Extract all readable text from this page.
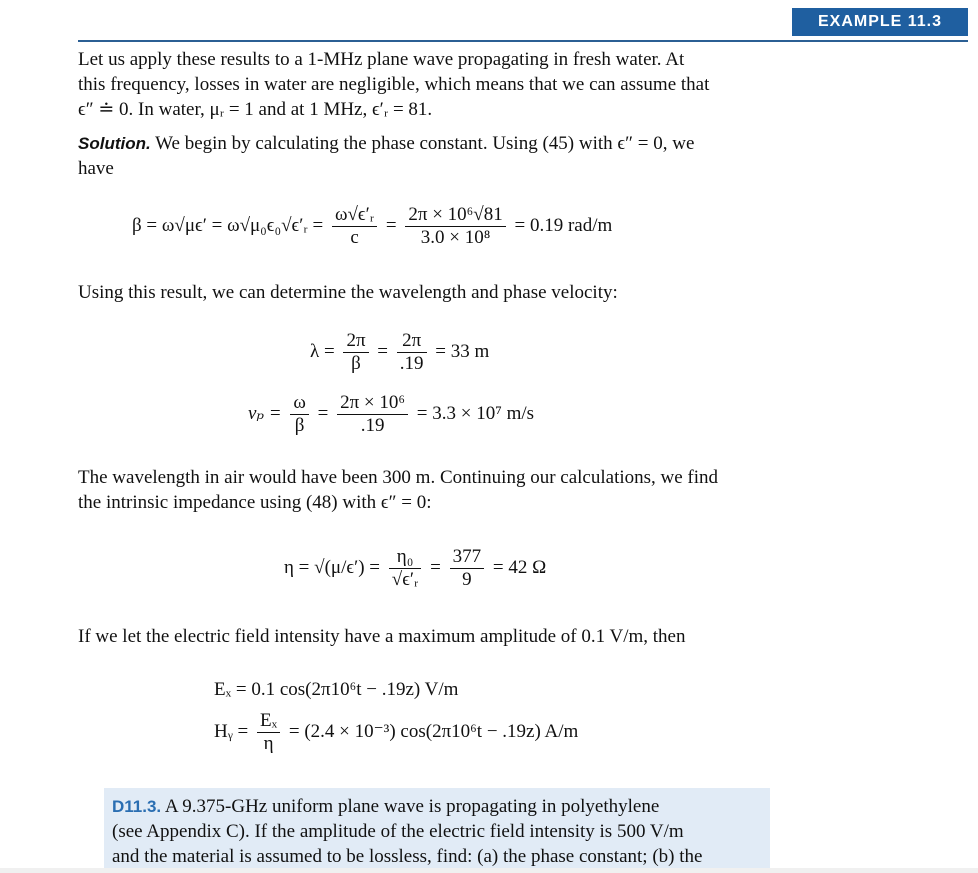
EXAMPLE 11.3
Let us apply these results to a 1-MHz plane wave propagating in fresh water. At
this frequency, losses in water are negligible, which means that we can assume that
ϵ″ ≐ 0. In water, μᵣ = 1 and at 1 MHz, ϵ′ᵣ = 81.
Solution. We begin by calculating the phase constant. Using (45) with ϵ″ = 0, we
have
β = ω√μϵ′ = ω√μ₀ϵ₀√ϵ′ᵣ = $\frac{\text{ω√ϵ′ᵣ}}{c} = \frac{\text{2π × 10⁶√81}}{\text{3.0 × 10⁸}} = 0.19$ rad/m
Using this result, we can determine the wavelength and phase velocity:
$\lambda = \frac{2\pi}{\beta} = \frac{2\pi}{.19} = 33$ m
$v_p = \frac{\omega}{\beta} = \frac{\text{2π × 10⁶}}{.19} = 3.3 \times 10^7$ m/s
The wavelength in air would have been 300 m. Continuing our calculations, we find
the intrinsic impedance using (48) with ϵ″ = 0:
$\eta = √(\mu/\epsilon') = \frac{\text{η₀}}{\text{√ϵ′ᵣ}} = \frac{377}{9} = 42$ Ω
If we let the electric field intensity have a maximum amplitude of 0.1 V/m, then
Eₓ = 0.1 cos(2π10⁶t − .19z) V/m
Hᵧ = $\frac{\text{Eₓ}}{\eta} = (2.4 \times 10^{-3}) \cos(2\pi 10^6t - .19z)$ A/m
D11.3. A 9.375-GHz uniform plane wave is propagating in polyethylene
(see Appendix C). If the amplitude of the electric field intensity is 500 V/m
and the material is assumed to be lossless, find: (a) the phase constant; (b) the
